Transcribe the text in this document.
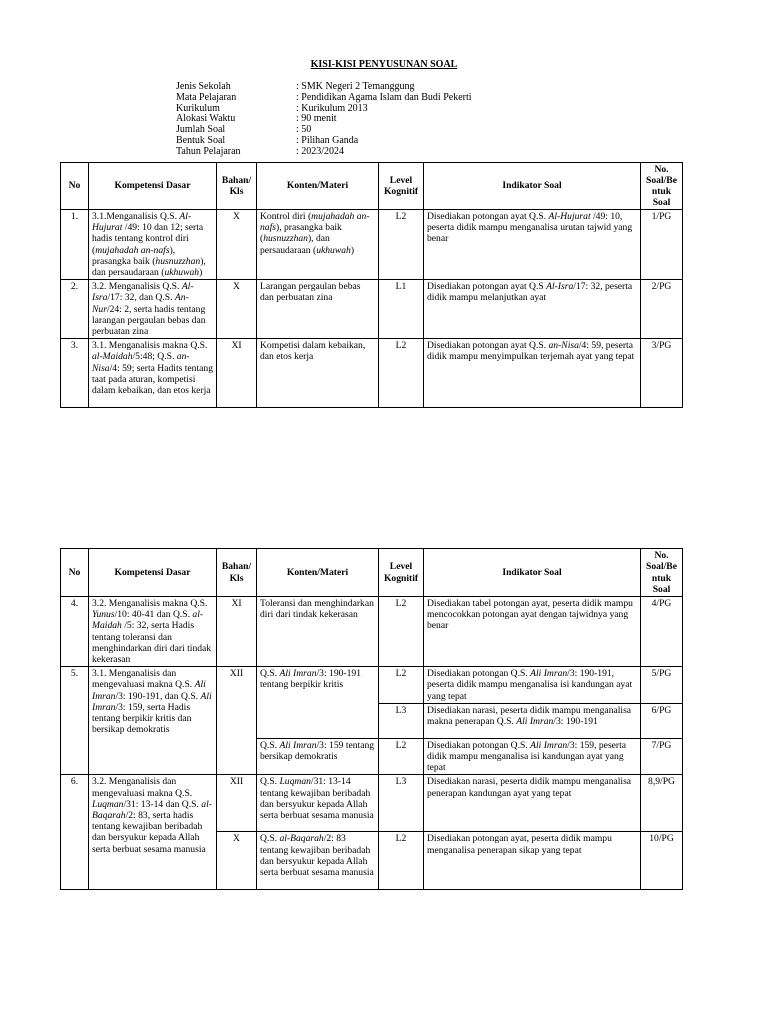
KISI-KISI PENYUSUNAN SOAL
Jenis Sekolah	: SMK Negeri 2 Temanggung
Mata Pelajaran	: Pendidikan Agama Islam dan Budi Pekerti
Kurikulum	: Kurikulum 2013
Alokasi Waktu	: 90 menit
Jumlah Soal	: 50
Bentuk Soal	: Pilihan Ganda
Tahun Pelajaran	: 2023/2024
No	Kompetensi Dasar	Bahan/ Kls	Konten/Materi	Level Kognitif	Indikator Soal	No. Soal/Be ntuk Soal
1.	3.1.Menganalisis Q.S. Al-Hujurat /49: 10 dan 12; serta hadis tentang kontrol diri (mujahadah an-nafs), prasangka baik (husnuzzhan), dan persaudaraan (ukhuwah)	X	Kontrol diri (mujahadah an-nafs), prasangka baik (husnuzzhan), dan persaudaraan (ukhuwah)	L2	Disediakan potongan ayat Q.S. Al-Hujurat /49: 10, peserta didik mampu menganalisa urutan tajwid yang benar	1/PG
2.	3.2. Menganalisis Q.S. Al-Isra/17: 32, dan Q.S. An-Nur/24: 2, serta hadis tentang larangan pergaulan bebas dan perbuatan zina	X	Larangan pergaulan bebas dan perbuatan zina	L1	Disediakan potongan ayat Q.S Al-Isra/17: 32, peserta didik mampu melanjutkan ayat	2/PG
3.	3.1. Menganalisis makna Q.S. al-Maidah/5:48; Q.S. an-Nisa/4: 59; serta Hadits tentang taat pada aturan, kompetisi dalam kebaikan, dan etos kerja	XI	Kompetisi dalam kebaikan, dan etos kerja	L2	Disediakan potongan ayat Q.S. an-Nisa/4: 59, peserta didik mampu menyimpulkan terjemah ayat yang tepat	3/PG
No	Kompetensi Dasar	Bahan/ Kls	Konten/Materi	Level Kognitif	Indikator Soal	No. Soal/Be ntuk Soal
4.	3.2. Menganalisis makna Q.S. Yunus/10: 40-41 dan Q.S. al-Maidah /5: 32, serta Hadis tentang toleransi dan menghindarkan diri dari tindak kekerasan	XI	Toleransi dan menghindarkan diri dari tindak kekerasan	L2	Disediakan tabel potongan ayat, peserta didik mampu mencocokkan potongan ayat dengan tajwidnya yang benar	4/PG
5.	3.1. Menganalisis dan mengevaluasi makna Q.S. Ali Imran/3: 190-191, dan Q.S. Ali Imran/3: 159, serta Hadis tentang berpikir kritis dan bersikap demokratis	XII	Q.S. Ali Imran/3: 190-191 tentang berpikir kritis	L2	Disediakan potongan Q.S. Ali Imran/3: 190-191, peserta didik mampu menganalisa isi kandungan ayat yang tepat	5/PG
				L3	Disediakan narasi, peserta didik mampu menganalisa makna penerapan Q.S. Ali Imran/3: 190-191	6/PG
			Q.S. Ali Imran/3: 159 tentang bersikap demokratis	L2	Disediakan potongan Q.S. Ali Imran/3: 159, peserta didik mampu menganalisa isi kandungan ayat yang tepat	7/PG
6.	3.2. Menganalisis dan mengevaluasi makna Q.S. Luqman/31: 13-14 dan Q.S. al-Baqarah/2: 83, serta hadis tentang kewajiban beribadah dan bersyukur kepada Allah serta berbuat sesama manusia	XII	Q.S. Luqman/31: 13-14 tentang kewajiban beribadah dan bersyukur kepada Allah serta berbuat sesama manusia	L3	Disediakan narasi, peserta didik mampu menganalisa penerapan kandungan ayat yang tepat	8,9/PG
		X	Q.S. al-Baqarah/2: 83 tentang kewajiban beribadah dan bersyukur kepada Allah serta berbuat sesama manusia	L2	Disediakan potongan ayat, peserta didik mampu menganalisa penerapan sikap yang tepat	10/PG
